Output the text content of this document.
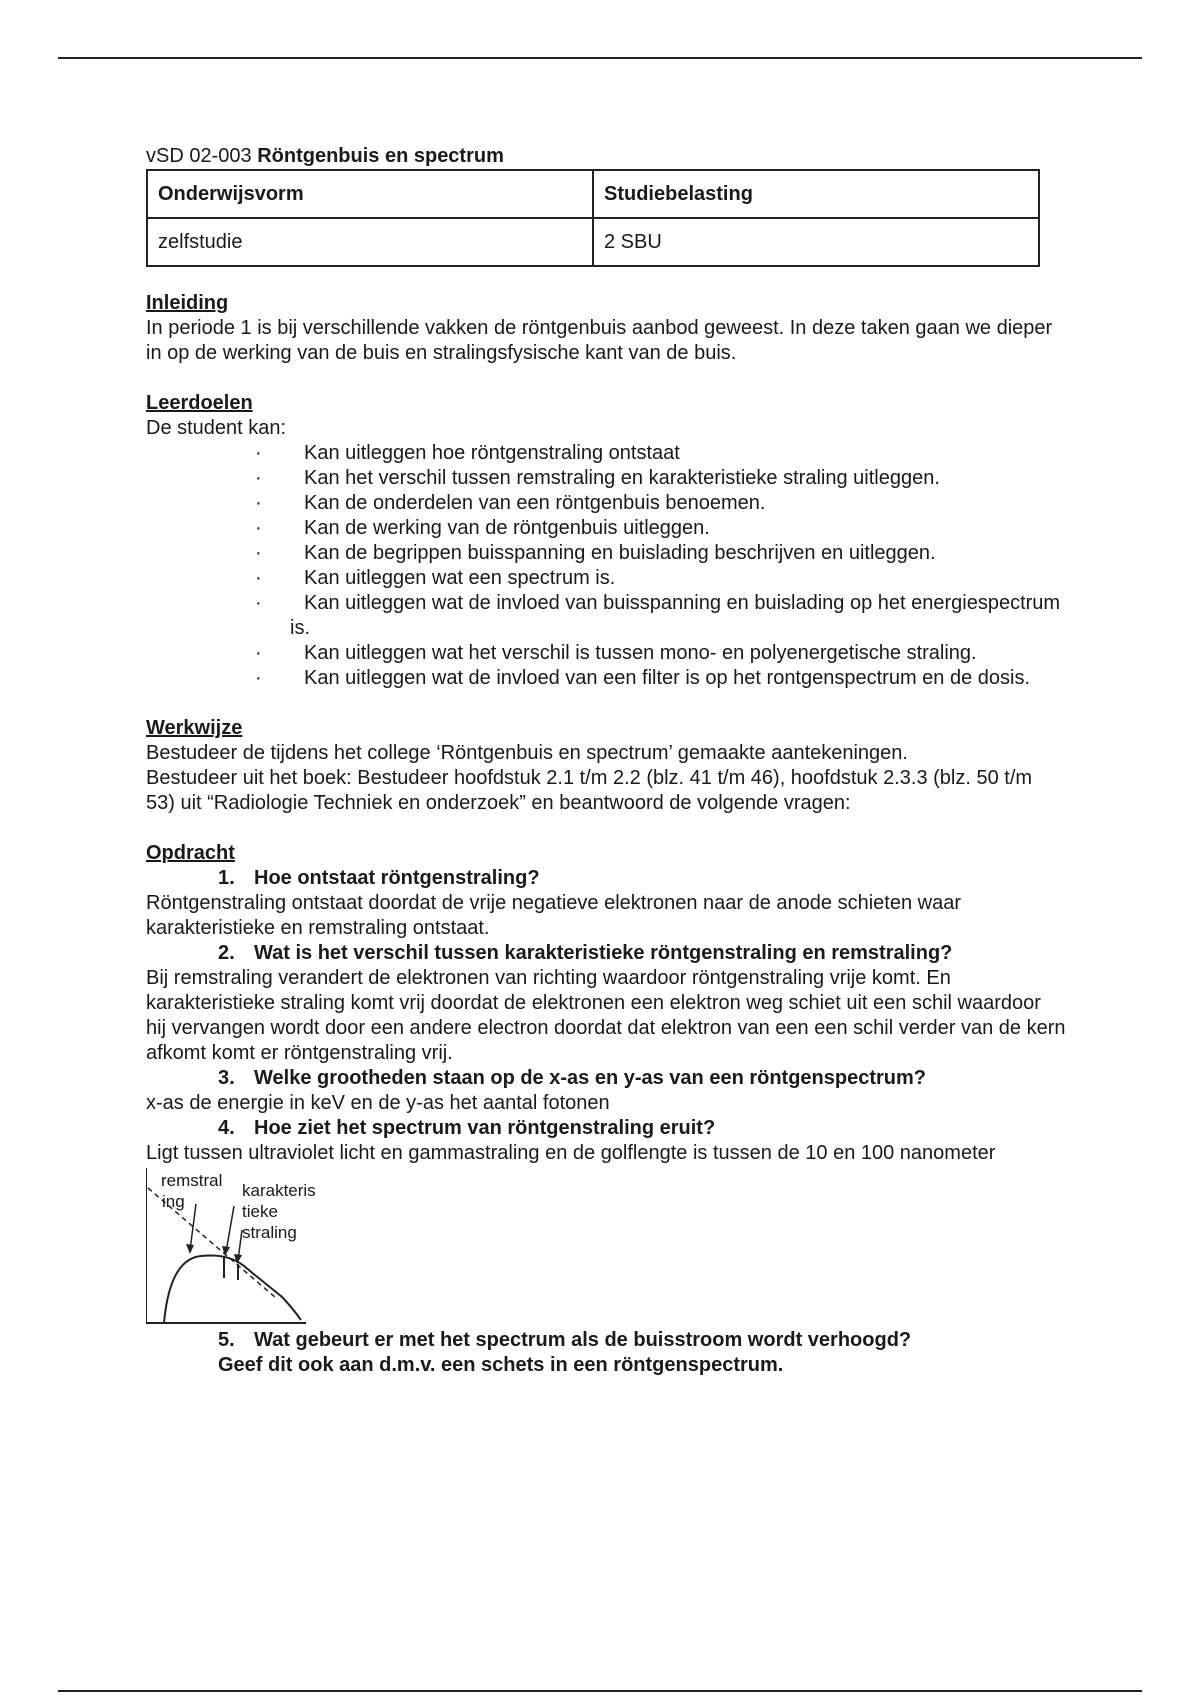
vSD 02-003 Röntgenbuis en spectrum

Onderwijsvorm	Studiebelasting
zelfstudie	2 SBU

Inleiding

In periode 1 is bij verschillende vakken de röntgenbuis aanbod geweest. In deze taken gaan we dieper in op de werking van de buis en stralingsfysische kant van de buis.

Leerdoelen

De student kan:

·	Kan uitleggen hoe röntgenstraling ontstaat
·	Kan het verschil tussen remstraling en karakteristieke straling uitleggen.
·	Kan de onderdelen van een röntgenbuis benoemen.
·	Kan de werking van de röntgenbuis uitleggen.
·	Kan de begrippen buisspanning en buislading beschrijven en uitleggen.
·	Kan uitleggen wat een spectrum is.
·	Kan uitleggen wat de invloed van buisspanning en buislading op het energiespectrum is.
·	Kan uitleggen wat het verschil is tussen mono- en polyenergetische straling.
·	Kan uitleggen wat de invloed van een filter is op het rontgenspectrum en de dosis.

Werkwijze

Bestudeer de tijdens het college ‘Röntgenbuis en spectrum’ gemaakte aantekeningen.

Bestudeer uit het boek: Bestudeer hoofdstuk 2.1 t/m 2.2 (blz. 41 t/m 46), hoofdstuk 2.3.3 (blz. 50 t/m 53) uit “Radiologie Techniek en onderzoek” en beantwoord de volgende vragen:

Opdracht

1. Hoe ontstaat röntgenstraling?

Röntgenstraling ontstaat doordat de vrije negatieve elektronen naar de anode schieten waar karakteristieke en remstraling ontstaat.

2. Wat is het verschil tussen karakteristieke röntgenstraling en remstraling?

Bij remstraling verandert de elektronen van richting waardoor röntgenstraling vrije komt. En karakteristieke straling komt vrij doordat de elektronen een elektron weg schiet uit een schil waardoor hij vervangen wordt door een andere electron doordat dat elektron van een een schil verder van de kern afkomt komt er röntgenstraling vrij.

3. Welke grootheden staan op de x-as en y-as van een röntgenspectrum?

x-as de energie in keV en de y-as het aantal fotonen

4. Hoe ziet het spectrum van röntgenstraling eruit?

Ligt tussen ultraviolet licht en gammastraling en de golflengte is tussen de 10 en 100 nanometer

remstral
ing
karakteris
tieke
straling

5. Wat gebeurt er met het spectrum als de buisstroom wordt verhoogd?

Geef dit ook aan d.m.v. een schets in een röntgenspectrum.
